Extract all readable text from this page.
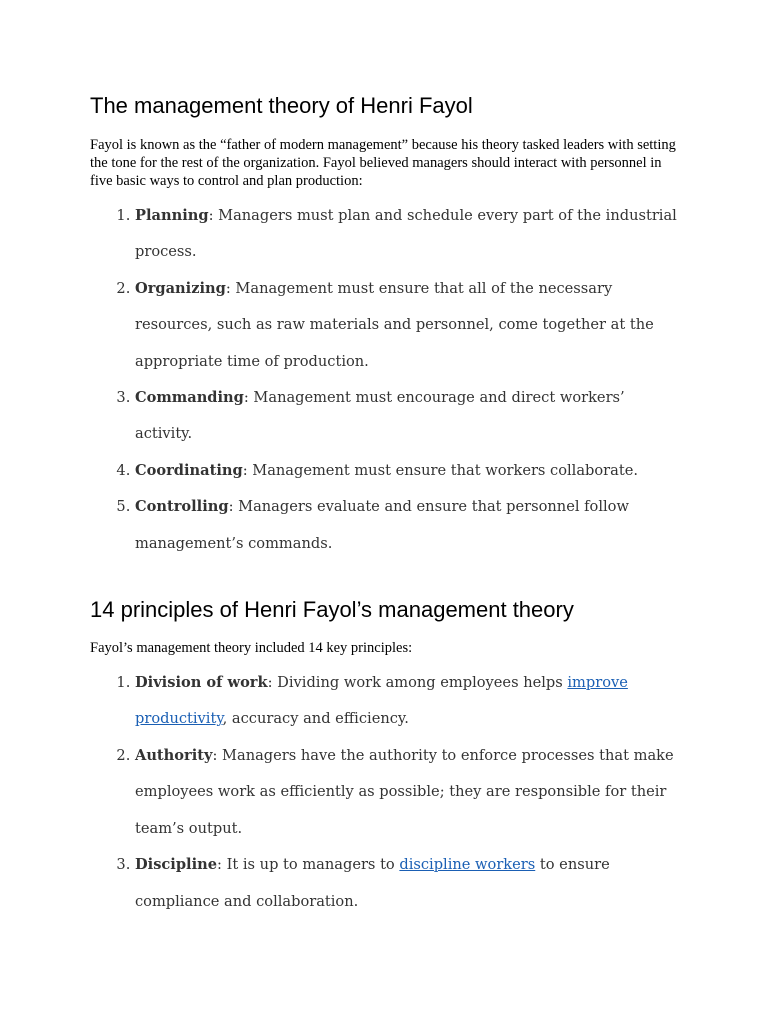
The management theory of Henri Fayol

Fayol is known as the “father of modern management” because his theory tasked leaders with setting the tone for the rest of the organization. Fayol believed managers should interact with personnel in five basic ways to control and plan production:

1. Planning: Managers must plan and schedule every part of the industrial process.
2. Organizing: Management must ensure that all of the necessary resources, such as raw materials and personnel, come together at the appropriate time of production.
3. Commanding: Management must encourage and direct workers’ activity.
4. Coordinating: Management must ensure that workers collaborate.
5. Controlling: Managers evaluate and ensure that personnel follow management’s commands.
14 principles of Henri Fayol’s management theory

Fayol’s management theory included 14 key principles:

1. Division of work: Dividing work among employees helps improve productivity, accuracy and efficiency.
2. Authority: Managers have the authority to enforce processes that make employees work as efficiently as possible; they are responsible for their team’s output.
3. Discipline: It is up to managers to discipline workers to ensure compliance and collaboration.
